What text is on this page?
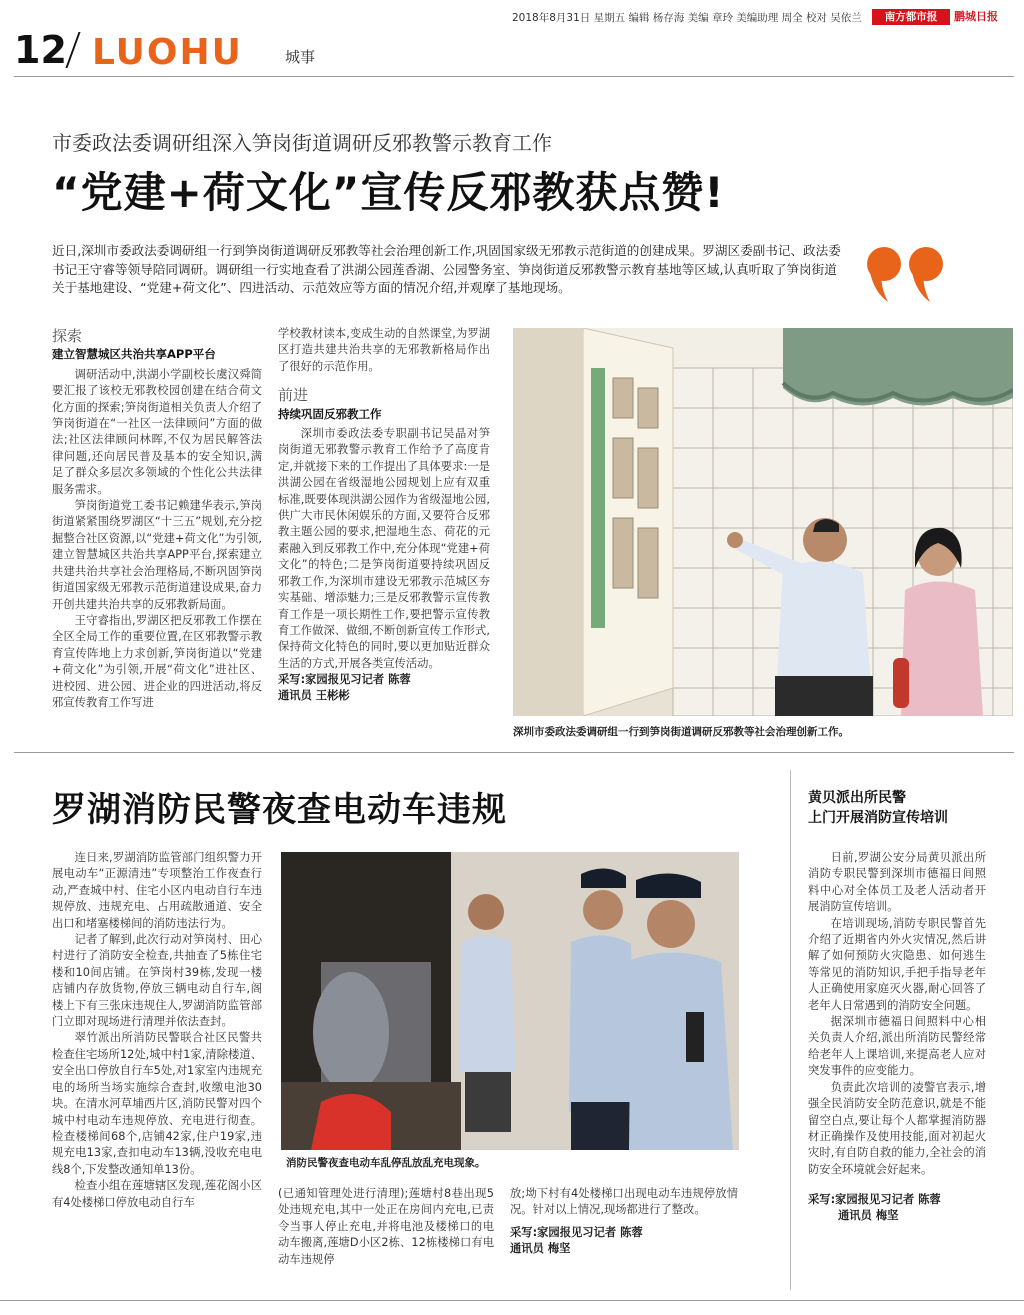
2018年8月31日 星期五 编辑 杨存海 美编 章玲 美编助理 周全 校对 吴依兰	南方都市报	鹏城日报
12 LUOHU	城事
市委政法委调研组深入笋岗街道调研反邪教警示教育工作
“党建+荷文化”宣传反邪教获点赞!
近日,深圳市委政法委调研组一行到笋岗街道调研反邪教等社会治理创新工作,巩固国家级无邪教示范街道的创建成果。罗湖区委副书记、政法委书记王守睿等领导陪同调研。调研组一行实地查看了洪湖公园莲香湖、公园警务室、笋岗街道反邪教警示教育基地等区域,认真听取了笋岗街道关于基地建设、“党建+荷文化”、四进活动、示范效应等方面的情况介绍,并观摩了基地现场。
探索
建立智慧城区共治共享APP平台

调研活动中,洪湖小学副校长虞汉舜简要汇报了该校无邪教校园创建在结合荷文化方面的探索;笋岗街道相关负责人介绍了笋岗街道在“一社区一法律顾问”方面的做法;社区法律顾问林晖,不仅为居民解答法律问题,还向居民普及基本的安全知识,满足了群众多层次多领域的个性化公共法律服务需求。

笋岗街道党工委书记赖建华表示,笋岗街道紧紧围绕罗湖区“十三五”规划,充分挖掘整合社区资源,以“党建+荷文化”为引领,建立智慧城区共治共享APP平台,探索建立共建共治共享社会治理格局,不断巩固笋岗街道国家级无邪教示范街道建设成果,奋力开创共建共治共享的反邪教新局面。

王守睿指出,罗湖区把反邪教工作摆在全区全局工作的重要位置,在区邪教警示教育宣传阵地上力求创新,笋岗街道以“党建+荷文化”为引领,开展“荷文化”进社区、进校园、进公园、进企业的四进活动,将反邪宣传教育工作写进

学校教材读本,变成生动的自然课堂,为罗湖区打造共建共治共享的无邪教新格局作出了很好的示范作用。

前进
持续巩固反邪教工作

深圳市委政法委专职副书记吴晶对笋岗街道无邪教警示教育工作给予了高度肯定,并就接下来的工作提出了具体要求:一是洪湖公园在省级湿地公园规划上应有双重标准,既要体现洪湖公园作为省级湿地公园,供广大市民休闲娱乐的方面,又要符合反邪教主题公园的要求,把湿地生态、荷花的元素融入到反邪教工作中,充分体现“党建+荷文化”的特色;二是笋岗街道要持续巩固反邪教工作,为深圳市建设无邪教示范城区夯实基础、增添魅力;三是反邪教警示宣传教育工作是一项长期性工作,要把警示宣传教育工作做深、做细,不断创新宣传工作形式,保持荷文化特色的同时,要以更加贴近群众生活的方式,开展各类宣传活动。

采写:家园报见习记者 陈蓉
通讯员 王彬彬
深圳市委政法委调研组一行到笋岗街道调研反邪教等社会治理创新工作。
罗湖消防民警夜查电动车违规

连日来,罗湖消防监管部门组织警力开展电动车“正源清违”专项整治工作夜查行动,严查城中村、住宅小区内电动自行车违规停放、违规充电、占用疏散通道、安全出口和堵塞楼梯间的消防违法行为。

记者了解到,此次行动对笋岗村、田心村进行了消防安全检查,共抽查了5栋住宅楼和10间店铺。在笋岗村39栋,发现一楼店铺内存放货物,停放三辆电动自行车,阁楼上下有三张床违规住人,罗湖消防监管部门立即对现场进行清理并依法查封。

翠竹派出所消防民警联合社区民警共检查住宅场所12处,城中村1家,清除楼道、安全出口停放自行车5处,对1家室内违规充电的场所当场实施综合查封,收缴电池30块。在清水河草埔西片区,消防民警对四个城中村电动车违规停放、充电进行彻查。检查楼梯间68个,店铺42家,住户19家,违规充电13家,查扣电动车13辆,没收充电电线8个,下发整改通知单13份。

检查小组在莲塘辖区发现,莲花阁小区有4处楼梯口停放电动自行车

消防民警夜查电动车乱停乱放乱充电现象。

(已通知管理处进行清理);莲塘村8巷出现5处违规充电,其中一处正在房间内充电,已责令当事人停止充电,并将电池及楼梯口的电动车搬离,莲塘D小区2栋、12栋楼梯口有电动车违规停

放;坳下村有4处楼梯口出现电动车违规停放情况。针对以上情况,现场都进行了整改。

采写:家园报见习记者 陈蓉
通讯员 梅坚
黄贝派出所民警
上门开展消防宣传培训

日前,罗湖公安分局黄贝派出所消防专职民警到深圳市德福日间照料中心对全体员工及老人活动者开展消防宣传培训。

在培训现场,消防专职民警首先介绍了近期省内外火灾情况,然后讲解了如何预防火灾隐患、如何逃生等常见的消防知识,手把手指导老年人正确使用家庭灭火器,耐心回答了老年人日常遇到的消防安全问题。

据深圳市德福日间照料中心相关负责人介绍,派出所消防民警经常给老年人上课培训,来提高老人应对突发事件的应变能力。

负责此次培训的凌警官表示,增强全民消防安全防范意识,就是不能留空白点,要让每个人都掌握消防器材正确操作及使用技能,面对初起火灾时,有自防自救的能力,全社会的消防安全环境就会好起来。

采写:家园报见习记者 陈蓉
通讯员 梅坚
